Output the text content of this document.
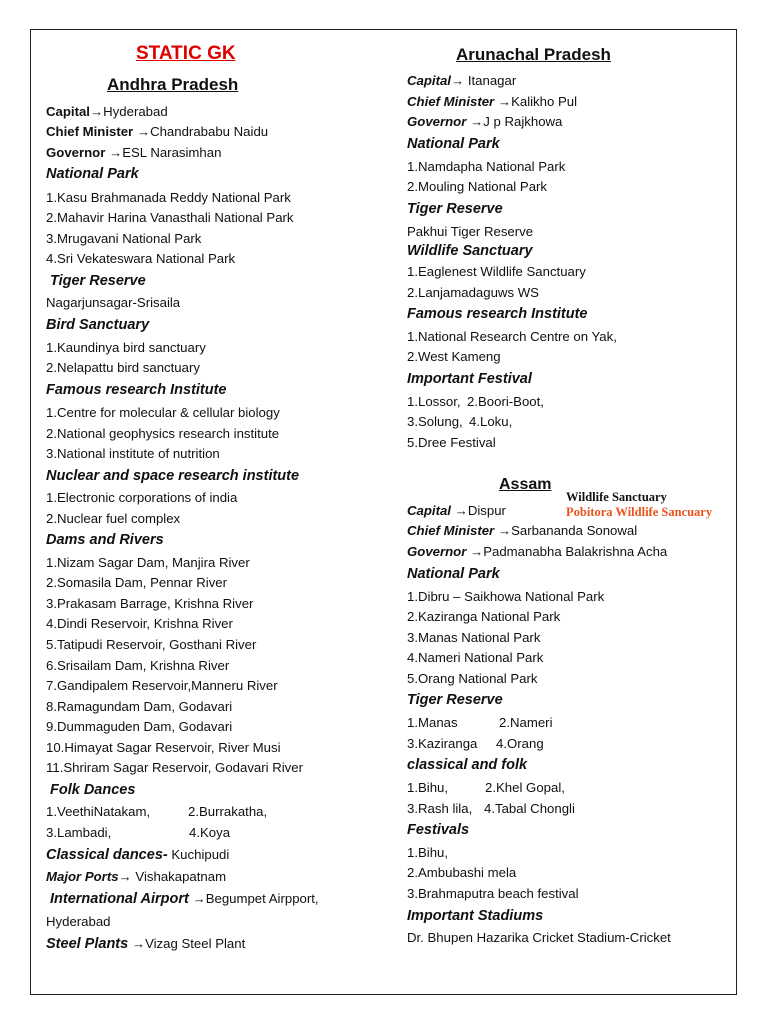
STATIC GK
Andhra Pradesh
Capital→Hyderabad
Chief Minister →Chandrababu Naidu
Governor →ESL Narasimhan
National Park
1.Kasu Brahmanada Reddy National Park
2.Mahavir Harina Vanasthali National Park
3.Mrugavani National Park
4.Sri Vekateswara National Park
Tiger Reserve
Nagarjunsagar-Srisaila
Bird Sanctuary
1.Kaundinya bird sanctuary
2.Nelapattu bird sanctuary
Famous research Institute
1.Centre for molecular & cellular biology
2.National geophysics research institute
3.National institute of nutrition
Nuclear and space research institute
1.Electronic corporations of india
2.Nuclear fuel complex
Dams and Rivers
1.Nizam Sagar Dam, Manjira River
2.Somasila Dam, Pennar River
3.Prakasam Barrage, Krishna River
4.Dindi Reservoir, Krishna River
5.Tatipudi Reservoir, Gosthani River
6.Srisailam Dam, Krishna River
7.Gandipalem Reservoir,Manneru River
8.Ramagundam Dam, Godavari
9.Dummaguden Dam, Godavari
10.Himayat Sagar Reservoir, River Musi
11.Shriram Sagar Reservoir, Godavari River
Folk Dances
1.VeethiNatakam,	2.Burrakatha,
3.Lambadi,	4.Koya
Classical dances- Kuchipudi
Major Ports→ Vishakapatnam
International Airport →Begumpet Airpport,
Hyderabad
Steel Plants →Vizag Steel Plant
Arunachal Pradesh
Capital→ Itanagar
Chief Minister →Kalikho Pul
Governor →J p Rajkhowa
National Park
1.Namdapha National Park
2.Mouling National Park
Tiger Reserve
Pakhui Tiger Reserve
Wildlife Sanctuary
1.Eaglenest Wildlife Sanctuary
2.Lanjamadaguws WS
Famous research Institute
1.National Research Centre on Yak,
2.West Kameng
Important Festival
1.Lossor, 2.Boori-Boot,
3.Solung, 4.Loku,
5.Dree Festival
Assam
Wildlife Sanctuary
Pobitora Wildlife Sancuary
Capital →Dispur
Chief Minister →Sarbananda Sonowal
Governor →Padmanabha Balakrishna Acha
National Park
1.Dibru – Saikhowa National Park
2.Kaziranga National Park
3.Manas National Park
4.Nameri National Park
5.Orang National Park
Tiger Reserve
1.Manas	2.Nameri
3.Kaziranga 4.Orang
classical and folk
1.Bihu,	2.Khel Gopal,
3.Rash lila, 4.Tabal Chongli
Festivals
1.Bihu,
2.Ambubashi mela
3.Brahmaputra beach festival
Important Stadiums
Dr. Bhupen Hazarika Cricket Stadium-Cricket
